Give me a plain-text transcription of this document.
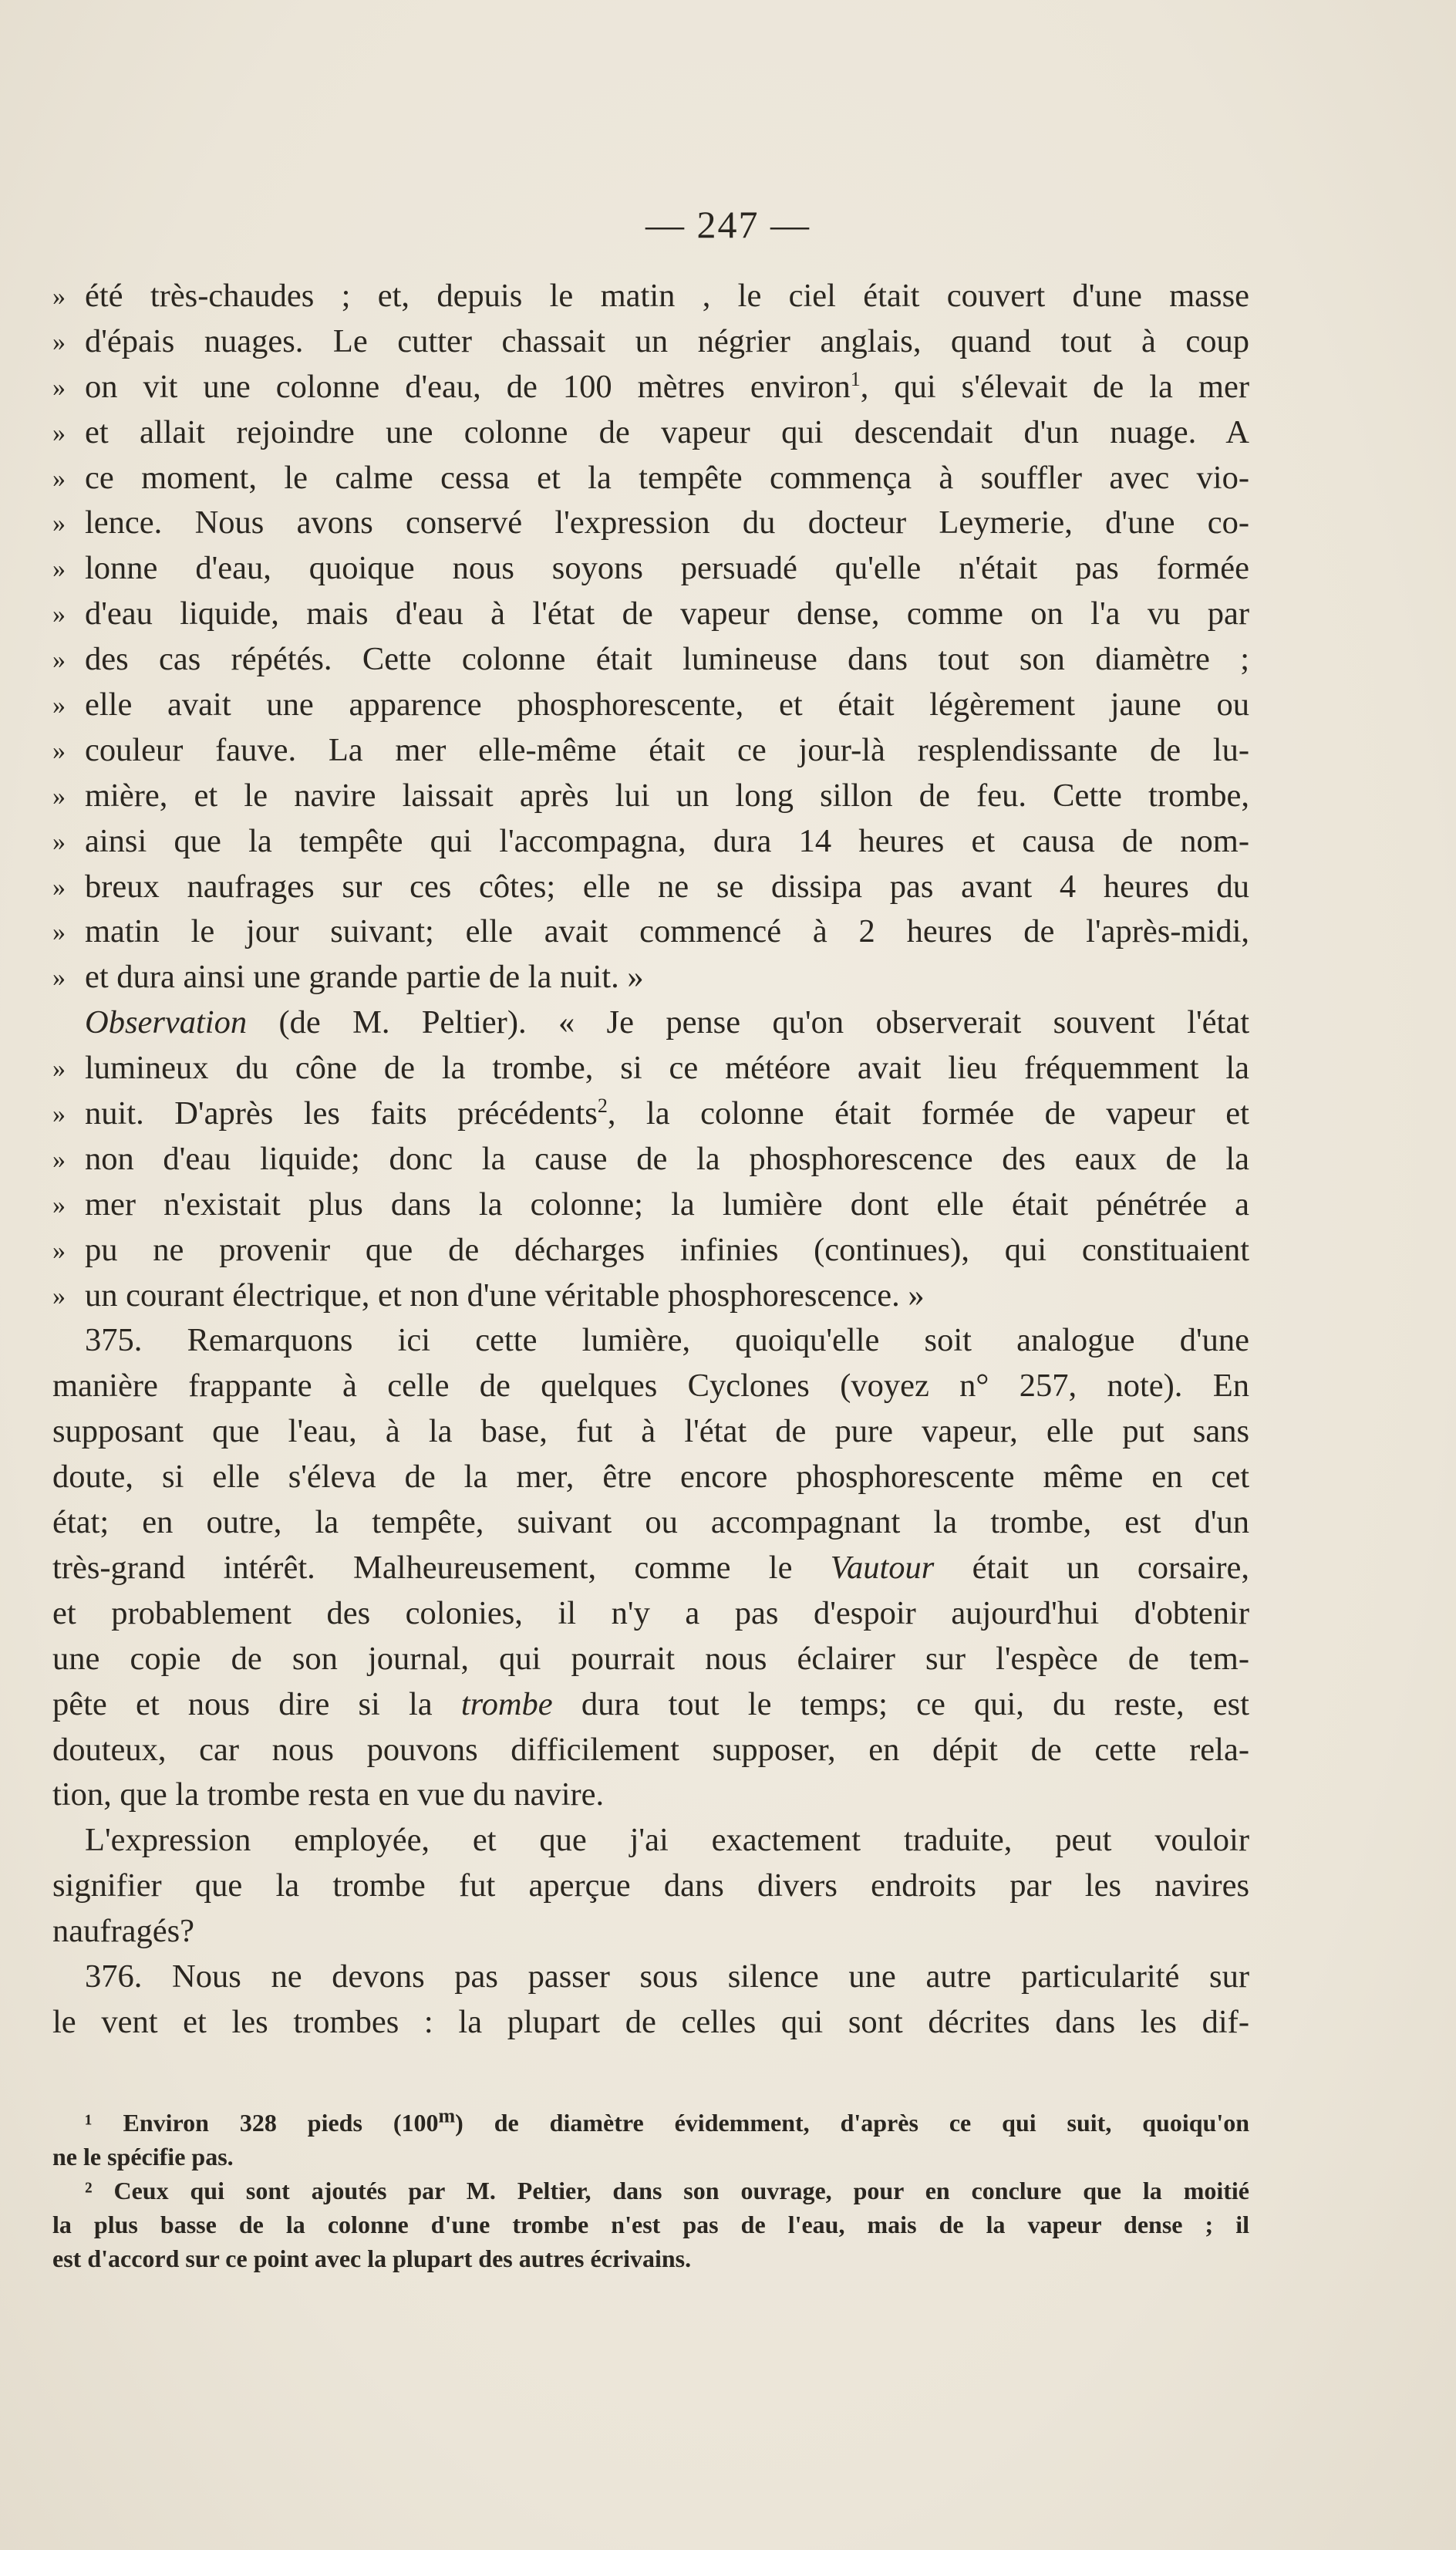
— 247 —
» été très-chaudes ; et, depuis le matin , le ciel était couvert d'une masse
» d'épais nuages. Le cutter chassait un négrier anglais, quand tout à coup
» on vit une colonne d'eau, de 100 mètres environ$^1$, qui s'élevait de la mer
» et allait rejoindre une colonne de vapeur qui descendait d'un nuage. A
» ce moment, le calme cessa et la tempête commença à souffler avec vio-
» lence. Nous avons conservé l'expression du docteur Leymerie, d'une co-
» lonne d'eau, quoique nous soyons persuadé qu'elle n'était pas formée
» d'eau liquide, mais d'eau à l'état de vapeur dense, comme on l'a vu par
» des cas répétés. Cette colonne était lumineuse dans tout son diamètre ;
» elle avait une apparence phosphorescente, et était légèrement jaune ou
» couleur fauve. La mer elle-même était ce jour-là resplendissante de lu-
» mière, et le navire laissait après lui un long sillon de feu. Cette trombe,
» ainsi que la tempête qui l'accompagna, dura 14 heures et causa de nom-
» breux naufrages sur ces côtes; elle ne se dissipa pas avant 4 heures du
» matin le jour suivant; elle avait commencé à 2 heures de l'après-midi,
» et dura ainsi une grande partie de la nuit. »
Observation (de M. Peltier). « Je pense qu'on observerait souvent l'état
» lumineux du cône de la trombe, si ce météore avait lieu fréquemment la
» nuit. D'après les faits précédents$^2$, la colonne était formée de vapeur et
» non d'eau liquide; donc la cause de la phosphorescence des eaux de la
» mer n'existait plus dans la colonne; la lumière dont elle était pénétrée a
» pu ne provenir que de décharges infinies (continues), qui constituaient
» un courant électrique, et non d'une véritable phosphorescence. »
375. Remarquons ici cette lumière, quoiqu'elle soit analogue d'une
manière frappante à celle de quelques Cyclones (voyez n° 257, note). En
supposant que l'eau, à la base, fut à l'état de pure vapeur, elle put sans
doute, si elle s'éleva de la mer, être encore phosphorescente même en cet
état; en outre, la tempête, suivant ou accompagnant la trombe, est d'un
très-grand intérêt. Malheureusement, comme le Vautour était un corsaire,
et probablement des colonies, il n'y a pas d'espoir aujourd'hui d'obtenir
une copie de son journal, qui pourrait nous éclairer sur l'espèce de tem-
pête et nous dire si la trombe dura tout le temps; ce qui, du reste, est
douteux, car nous pouvons difficilement supposer, en dépit de cette rela-
tion, que la trombe resta en vue du navire.
L'expression employée, et que j'ai exactement traduite, peut vouloir
signifier que la trombe fut aperçue dans divers endroits par les navires
naufragés?
376. Nous ne devons pas passer sous silence une autre particularité sur
le vent et les trombes : la plupart de celles qui sont décrites dans les dif-
¹ Environ 328 pieds (100$^m$) de diamètre évidemment, d'après ce qui suit, quoiqu'on
ne le spécifie pas.
² Ceux qui sont ajoutés par M. Peltier, dans son ouvrage, pour en conclure que la moitié
la plus basse de la colonne d'une trombe n'est pas de l'eau, mais de la vapeur dense ; il
est d'accord sur ce point avec la plupart des autres écrivains.
